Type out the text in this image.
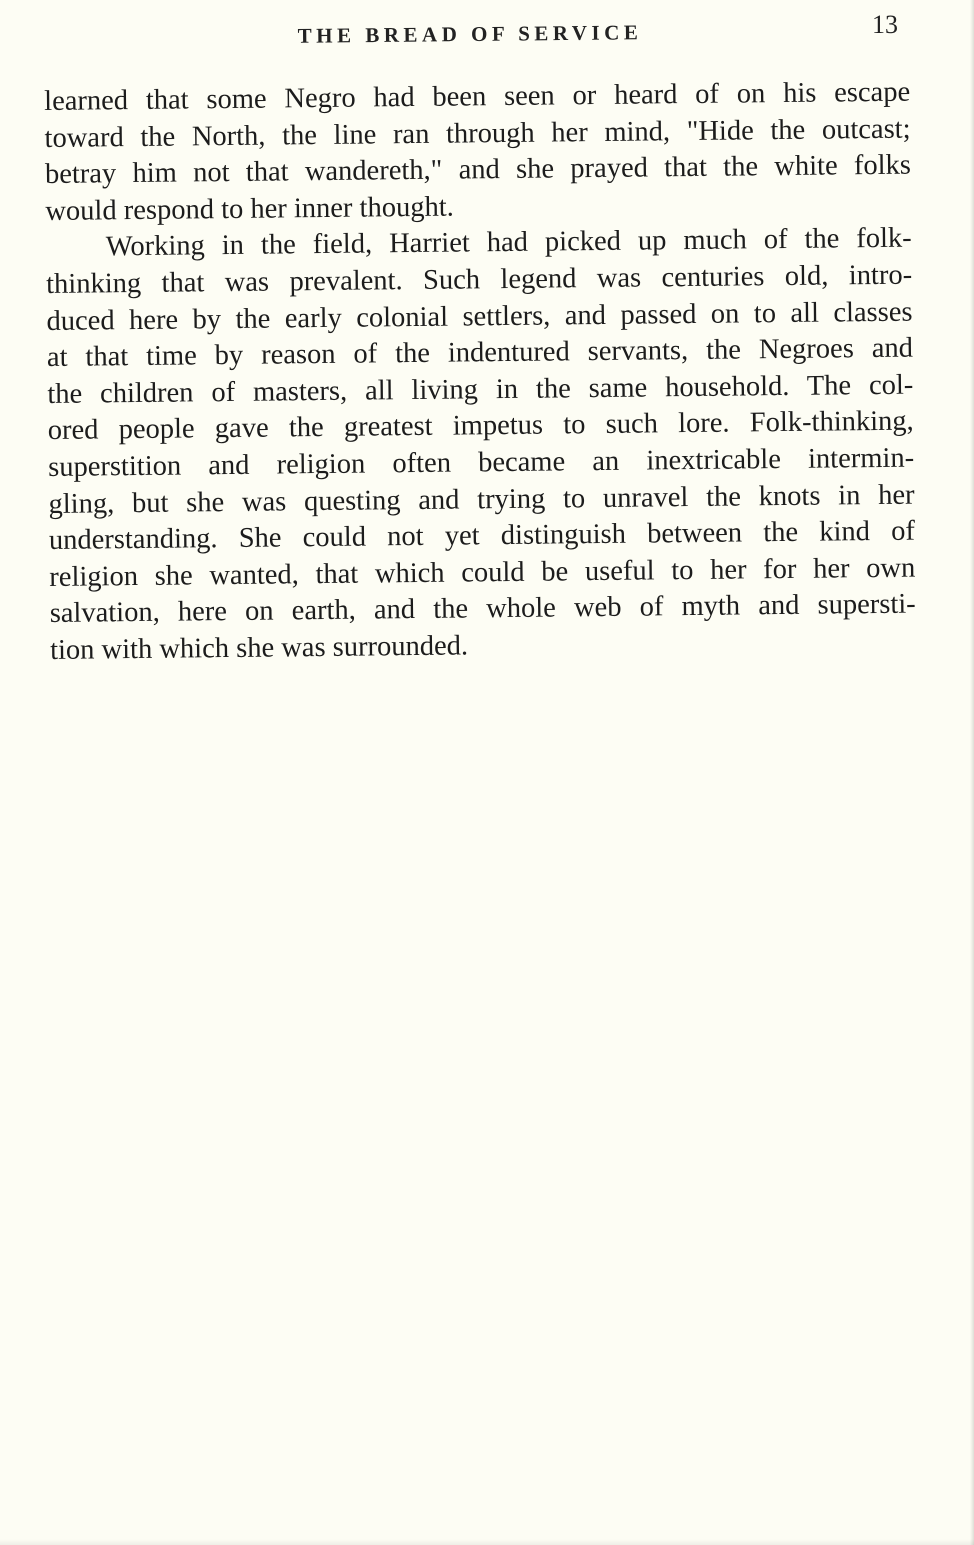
THE BREAD OF SERVICE	13
learned that some Negro had been seen or heard of on his escape
toward the North, the line ran through her mind, "Hide the outcast;
betray him not that wandereth," and she prayed that the white folks
would respond to her inner thought.
Working in the field, Harriet had picked up much of the folk-
thinking that was prevalent. Such legend was centuries old, intro-
duced here by the early colonial settlers, and passed on to all classes
at that time by reason of the indentured servants, the Negroes and
the children of masters, all living in the same household. The col-
ored people gave the greatest impetus to such lore. Folk-thinking,
superstition and religion often became an inextricable intermin-
gling, but she was questing and trying to unravel the knots in her
understanding. She could not yet distinguish between the kind of
religion she wanted, that which could be useful to her for her own
salvation, here on earth, and the whole web of myth and supersti-
tion with which she was surrounded.
